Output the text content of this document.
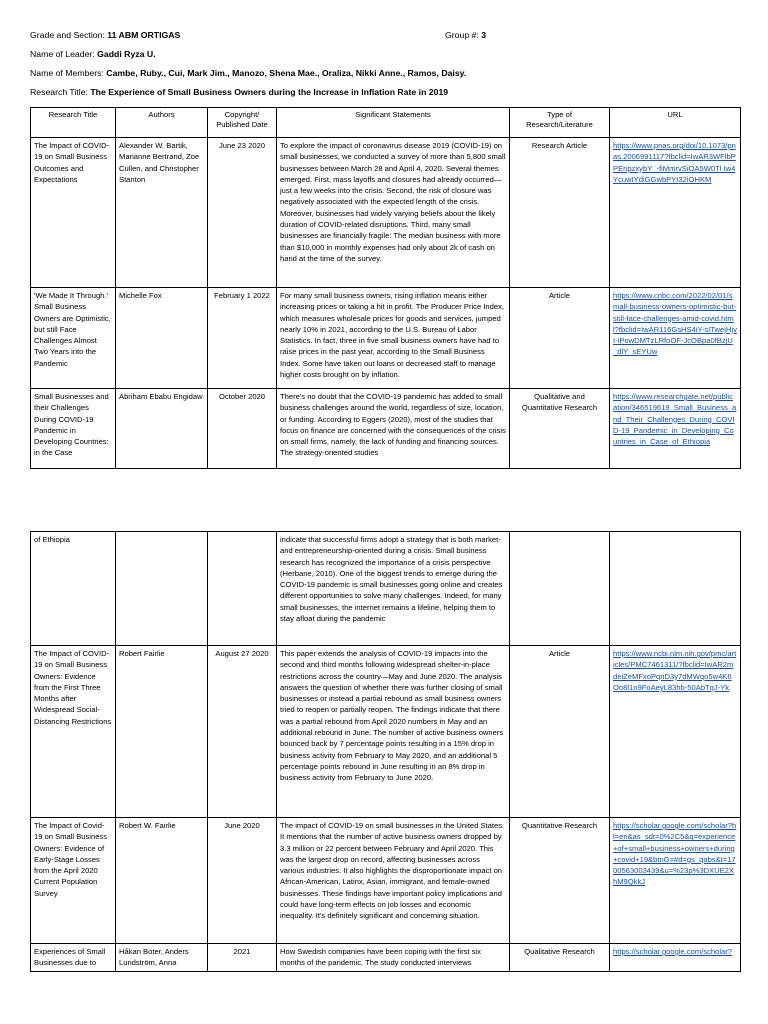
Grade and Section: 11 ABM ORTIGAS	Group #: 3
Name of Leader: Gaddi Ryza U.
Name of Members: Cambe, Ruby., Cui, Mark Jim., Manozo, Shena Mae., Oraliza, Nikki Anne., Ramos, Daisy.
Research Title: The Experience of Small Business Owners during the Increase in Inflation Rate in 2019
Research Title	Authors	Copyright/ Published Date	Significant Statements	Type of Research/Literature	URL
The Impact of COVID-19 on Small Business Outcomes and Expectations	Alexander W. Bartik, Marianne Bertrand, Zoe Cullen, and Christopher Stanton	June 23 2020	To explore the impact of coronavirus disease 2019 (COVID-19) on small businesses, we conducted a survey of more than 5,800 small businesses between March 28 and April 4, 2020. Several themes emerged. First, mass layoffs and closures had already occurred—just a few weeks into the crisis. Second, the risk of closure was negatively associated with the expected length of the crisis. Moreover, businesses had widely varying beliefs about the likely duration of COVID-related disruptions. Third, many small businesses are financially fragile: The median business with more than $10,000 in monthly expenses had only about 2k of cash on hand at the time of the survey.	Research Article	https://www.pnas.org/doi/10.1073/pnas.2006991117?fbclid=IwAR3WFlbPPEnpzxybY_-fiMmrvSiOA5W0Tl Iw4YcuwIYdiGGwbPYt32iOHKM
'We Made It Through.' Small Business Owners are Optimistic, but still Face Challenges Almost Two Years into the Pandemic	Michelle Fox	February 1 2022	For many small business owners, rising inflation means either increasing prices or taking a hit in profit. The Producer Price Index, which measures wholesale prices for goods and services, jumped nearly 10% in 2021, according to the U.S. Bureau of Labor Statistics. In fact, three in five small business owners have had to raise prices in the past year, according to the Small Business Index. Some have taken out loans or decreased staff to manage higher costs brought on by inflation.	Article	https://www.cnbc.com/2022/02/01/small-business-owners-optimistic-but-still-face-challenges-amid-covid.html?fbclid=IwAR116GsHS4iY-sITwejHjvI-iPowDMTzLRfoOF-JcOBpa0fBzjU_dlY_sEYUw

Small Businesses and their Challenges During COVID-19 Pandemic in Developing Countries: in the Case	Abriham Ebabu Engidaw	October 2020	There's no doubt that the COVID-19 pandemic has added to small business challenges around the world, regardless of size, location, or funding. According to Eggers (2020), most of the studies that focus on finance are concerned with the consequences of the crisis on small firms, namely, the lack of funding and financing sources. The strategy-oriented studies	Qualitative and Quantitative Research	https://www.researchgate.net/publication/346519619_Small_Business_and_Their_Challenges_During_COVID-19_Pandemic_in_Developing_Countries_in_Case_of_Ethiopia
of Ethiopia			indicate that successful firms adopt a strategy that is both market- and entrepreneurship-oriented during a crisis. Small business research has recognized the importance of a crisis perspective (Herbane, 2010). One of the biggest trends to emerge during the COVID-19 pandemic is small businesses going online and creates different opportunities to solve many challenges. Indeed, for many small businesses, the internet remains a lifeline, helping them to stay afloat during the pandemic		
The Impact of COVID-19 on Small Business Owners: Evidence from the First Three Months after Widespread Social-Distancing Restrictions	Robert Fairlie	August 27 2020	This paper extends the analysis of COVID-19 impacts into the second and third months following widespread shelter-in-place restrictions across the country—May and June 2020. The analysis answers the question of whether there was further closing of small businesses or instead a partial rebound as small business owners tried to reopen or partially reopen. The findings indicate that there was a partial rebound from April 2020 numbers in May and an additional rebound in June. The number of active business owners bounced back by 7 percentage points resulting in a 15% drop in business activity from February to May 2020, and an additional 5 percentage points rebound in June resulting in an 8% drop in business activity from February to June 2020.	Article	https://www.ncbi.nlm.nih.gov/pmc/articles/PMC7461311/?fbclid=IwAR2mdeiZeMFxoPqriD3y7dMWqo5w4K6Oo8l1n9FoAeyL83hb-50AbTqJ-Yk
The Impact of Covid-19 on Small Business Owners: Evidence of Early-Stage Losses from the April 2020 Current Population Survey	Robert W. Fairlie	June 2020	The impact of COVID-19 on small businesses in the United States. It mentions that the number of active business owners dropped by 3.3 million or 22 percent between February and April 2020. This was the largest drop on record, affecting businesses across various industries. It also highlights the disproportionate impact on African-American, Latinx, Asian, immigrant, and female-owned businesses. These findings have important policy implications and could have long-term effects on job losses and economic inequality. It's definitely significant and concerning situation.	Quantitative Research	https://scholar.google.com/scholar?hl=en&as_sdt=0%2C5&q=experience+of+small+business+owners+during+covid+19&btnG=#d=gs_qabs&t=1700563003439&u=%23p%3DXUE2XhM9QkkJ

Experiences of Small Businesses due to	Håkan Boter, Anders Lundström, Anna	2021	How Swedish companies have been coping with the first six months of the pandemic. The study conducted interviews	Qualitative Research	https://scholar.google.com/scholar?
